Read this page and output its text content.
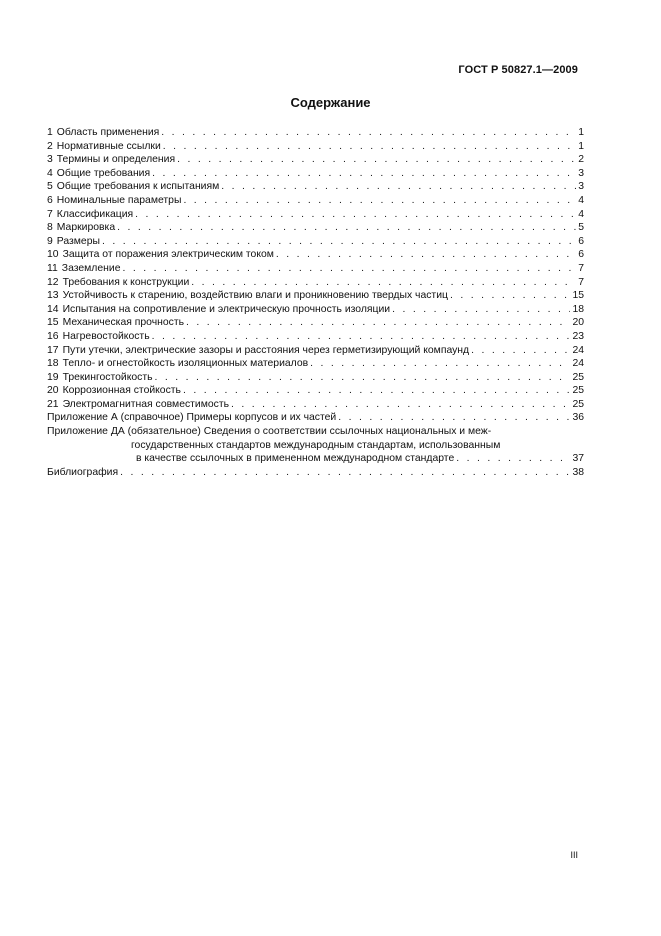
ГОСТ Р 50827.1—2009
Содержание
1 Область применения . . .	1
2 Нормативные ссылки . . .	1
3 Термины и определения . . .	2
4 Общие требования . . .	3
5 Общие требования к испытаниям . . .	3
6 Номинальные параметры . . .	4
7 Классификация . . .	4
8 Маркировка . . .	5
9 Размеры . . .	6
10 Защита от поражения электрическим током . . .	6
11 Заземление . . .	7
12 Требования к конструкции . . .	7
13 Устойчивость к старению, воздействию влаги и проникновению твердых частиц . . .	15
14 Испытания на сопротивление и электрическую прочность изоляции . . .	18
15 Механическая прочность . . .	20
16 Нагревостойкость . . .	23
17 Пути утечки, электрические зазоры и расстояния через герметизирующий компаунд . . .	24
18 Тепло- и огнестойкость изоляционных материалов . . .	24
19 Трекингостойкость . . .	25
20 Коррозионная стойкость . . .	25
21 Электромагнитная совместимость . . .	25
Приложение А (справочное) Примеры корпусов и их частей . . .	36
Приложение ДА (обязательное) Сведения о соответствии ссылочных национальных и меж-
государственных стандартов международным стандартам, использованным
в качестве ссылочных в примененном международном стандарте . . .	37
Библиография . . .	38
III
